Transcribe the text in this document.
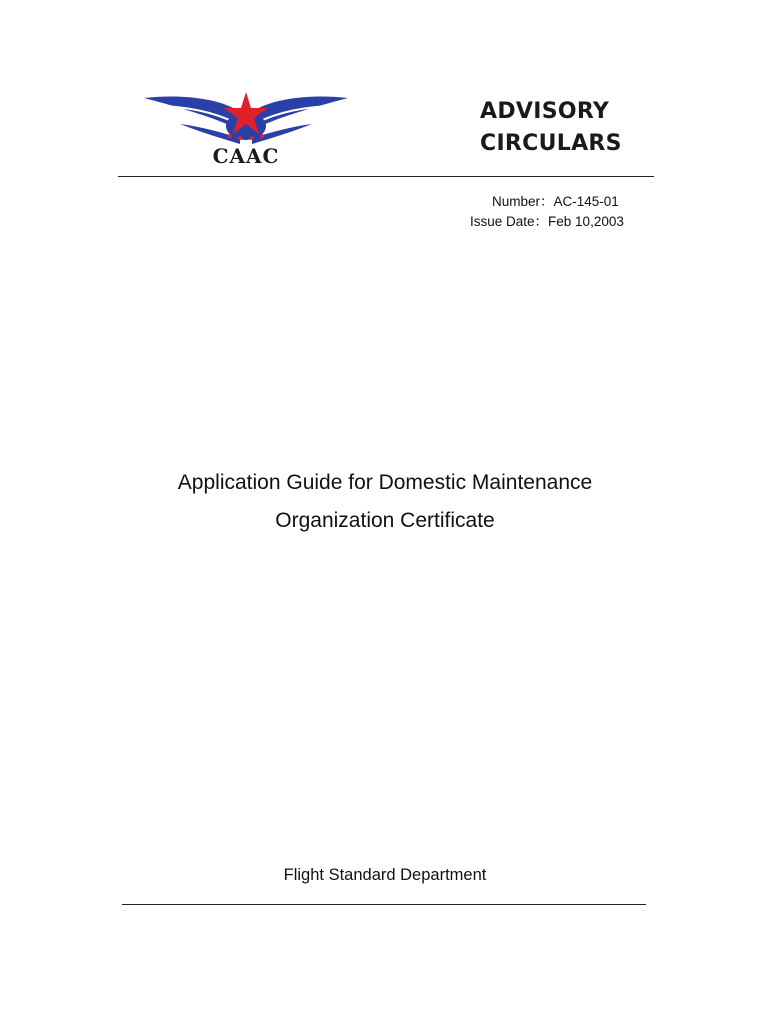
CAAC
ADVISORY
CIRCULARS
Number：AC-145-01
Issue Date：Feb 10,2003
Application Guide for Domestic Maintenance
Organization Certificate
Flight Standard Department
